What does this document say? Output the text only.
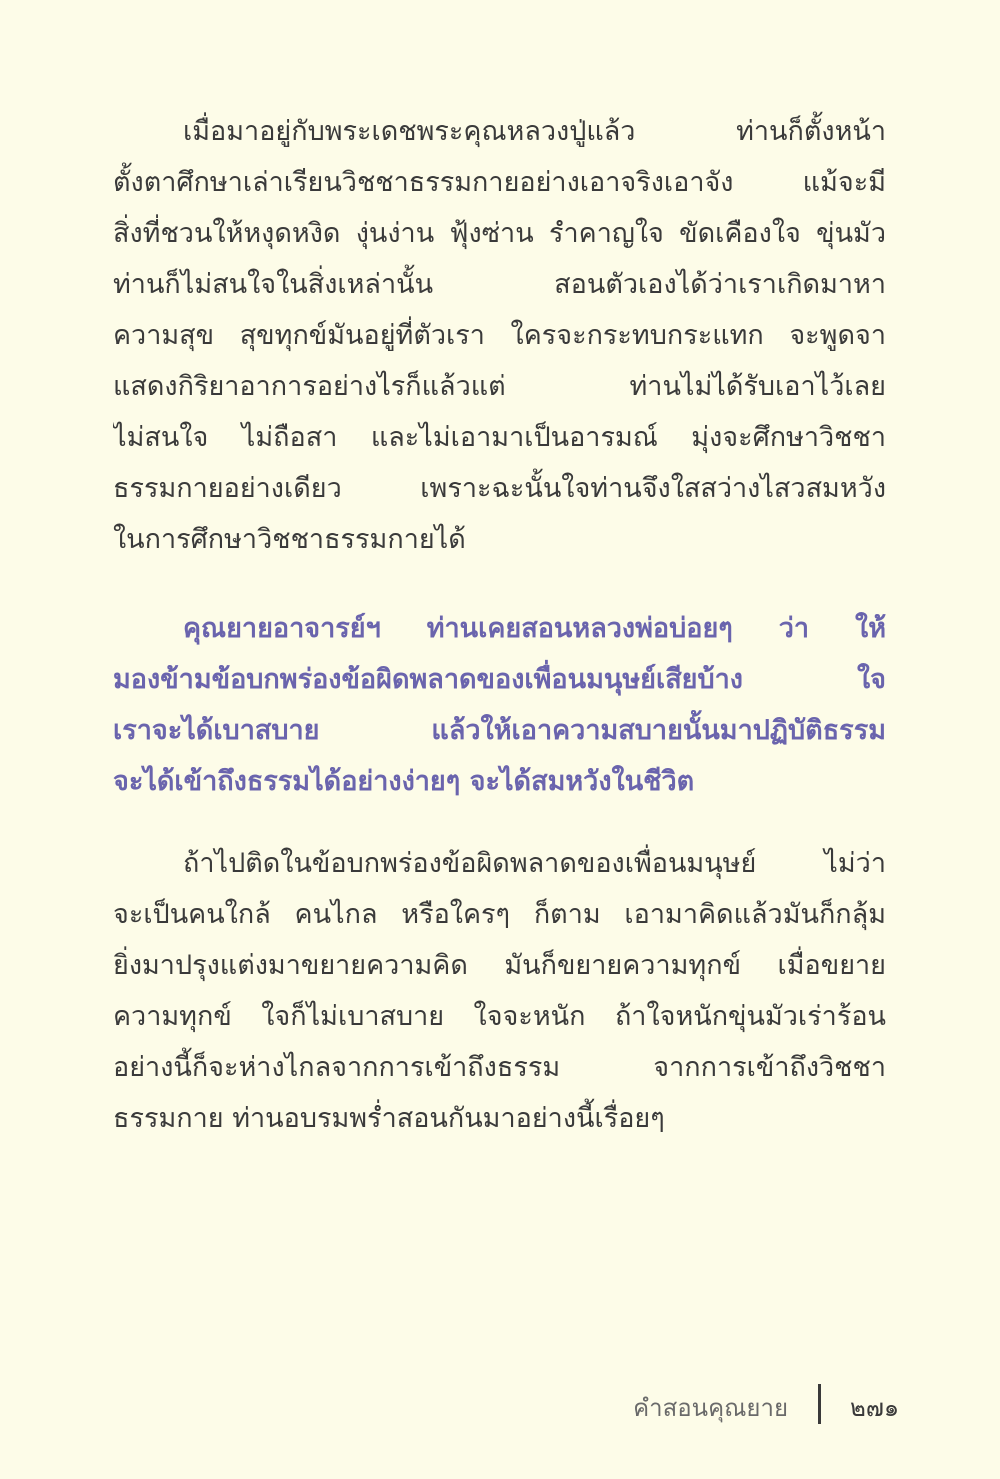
เมื่อมาอยู่กับพระเดชพระคุณหลวงปู่แล้ว ท่านก็ตั้งหน้า
ตั้งตาศึกษาเล่าเรียนวิชชาธรรมกายอย่างเอาจริงเอาจัง แม้จะมี
สิ่งที่ชวนให้หงุดหงิด งุ่นง่าน ฟุ้งซ่าน รำคาญใจ ขัดเคืองใจ ขุ่นมัว
ท่านก็ไม่สนใจในสิ่งเหล่านั้น สอนตัวเองได้ว่าเราเกิดมาหา
ความสุข สุขทุกข์มันอยู่ที่ตัวเรา ใครจะกระทบกระแทก จะพูดจา
แสดงกิริยาอาการอย่างไรก็แล้วแต่ ท่านไม่ได้รับเอาไว้เลย
ไม่สนใจ ไม่ถือสา และไม่เอามาเป็นอารมณ์ มุ่งจะศึกษาวิชชา
ธรรมกายอย่างเดียว เพราะฉะนั้นใจท่านจึงใสสว่างไสวสมหวัง
ในการศึกษาวิชชาธรรมกายได้
คุณยายอาจารย์ฯ ท่านเคยสอนหลวงพ่อบ่อยๆ ว่า ให้
มองข้ามข้อบกพร่องข้อผิดพลาดของเพื่อนมนุษย์เสียบ้าง ใจ
เราจะได้เบาสบาย แล้วให้เอาความสบายนั้นมาปฏิบัติธรรม
จะได้เข้าถึงธรรมได้อย่างง่ายๆ จะได้สมหวังในชีวิต
ถ้าไปติดในข้อบกพร่องข้อผิดพลาดของเพื่อนมนุษย์ ไม่ว่า
จะเป็นคนใกล้ คนไกล หรือใครๆ ก็ตาม เอามาคิดแล้วมันก็กลุ้ม
ยิ่งมาปรุงแต่งมาขยายความคิด มันก็ขยายความทุกข์ เมื่อขยาย
ความทุกข์ ใจก็ไม่เบาสบาย ใจจะหนัก ถ้าใจหนักขุ่นมัวเร่าร้อน
อย่างนี้ก็จะห่างไกลจากการเข้าถึงธรรม จากการเข้าถึงวิชชา
ธรรมกาย ท่านอบรมพร่ำสอนกันมาอย่างนี้เรื่อยๆ
คำสอนคุณยาย	๒๗๑
